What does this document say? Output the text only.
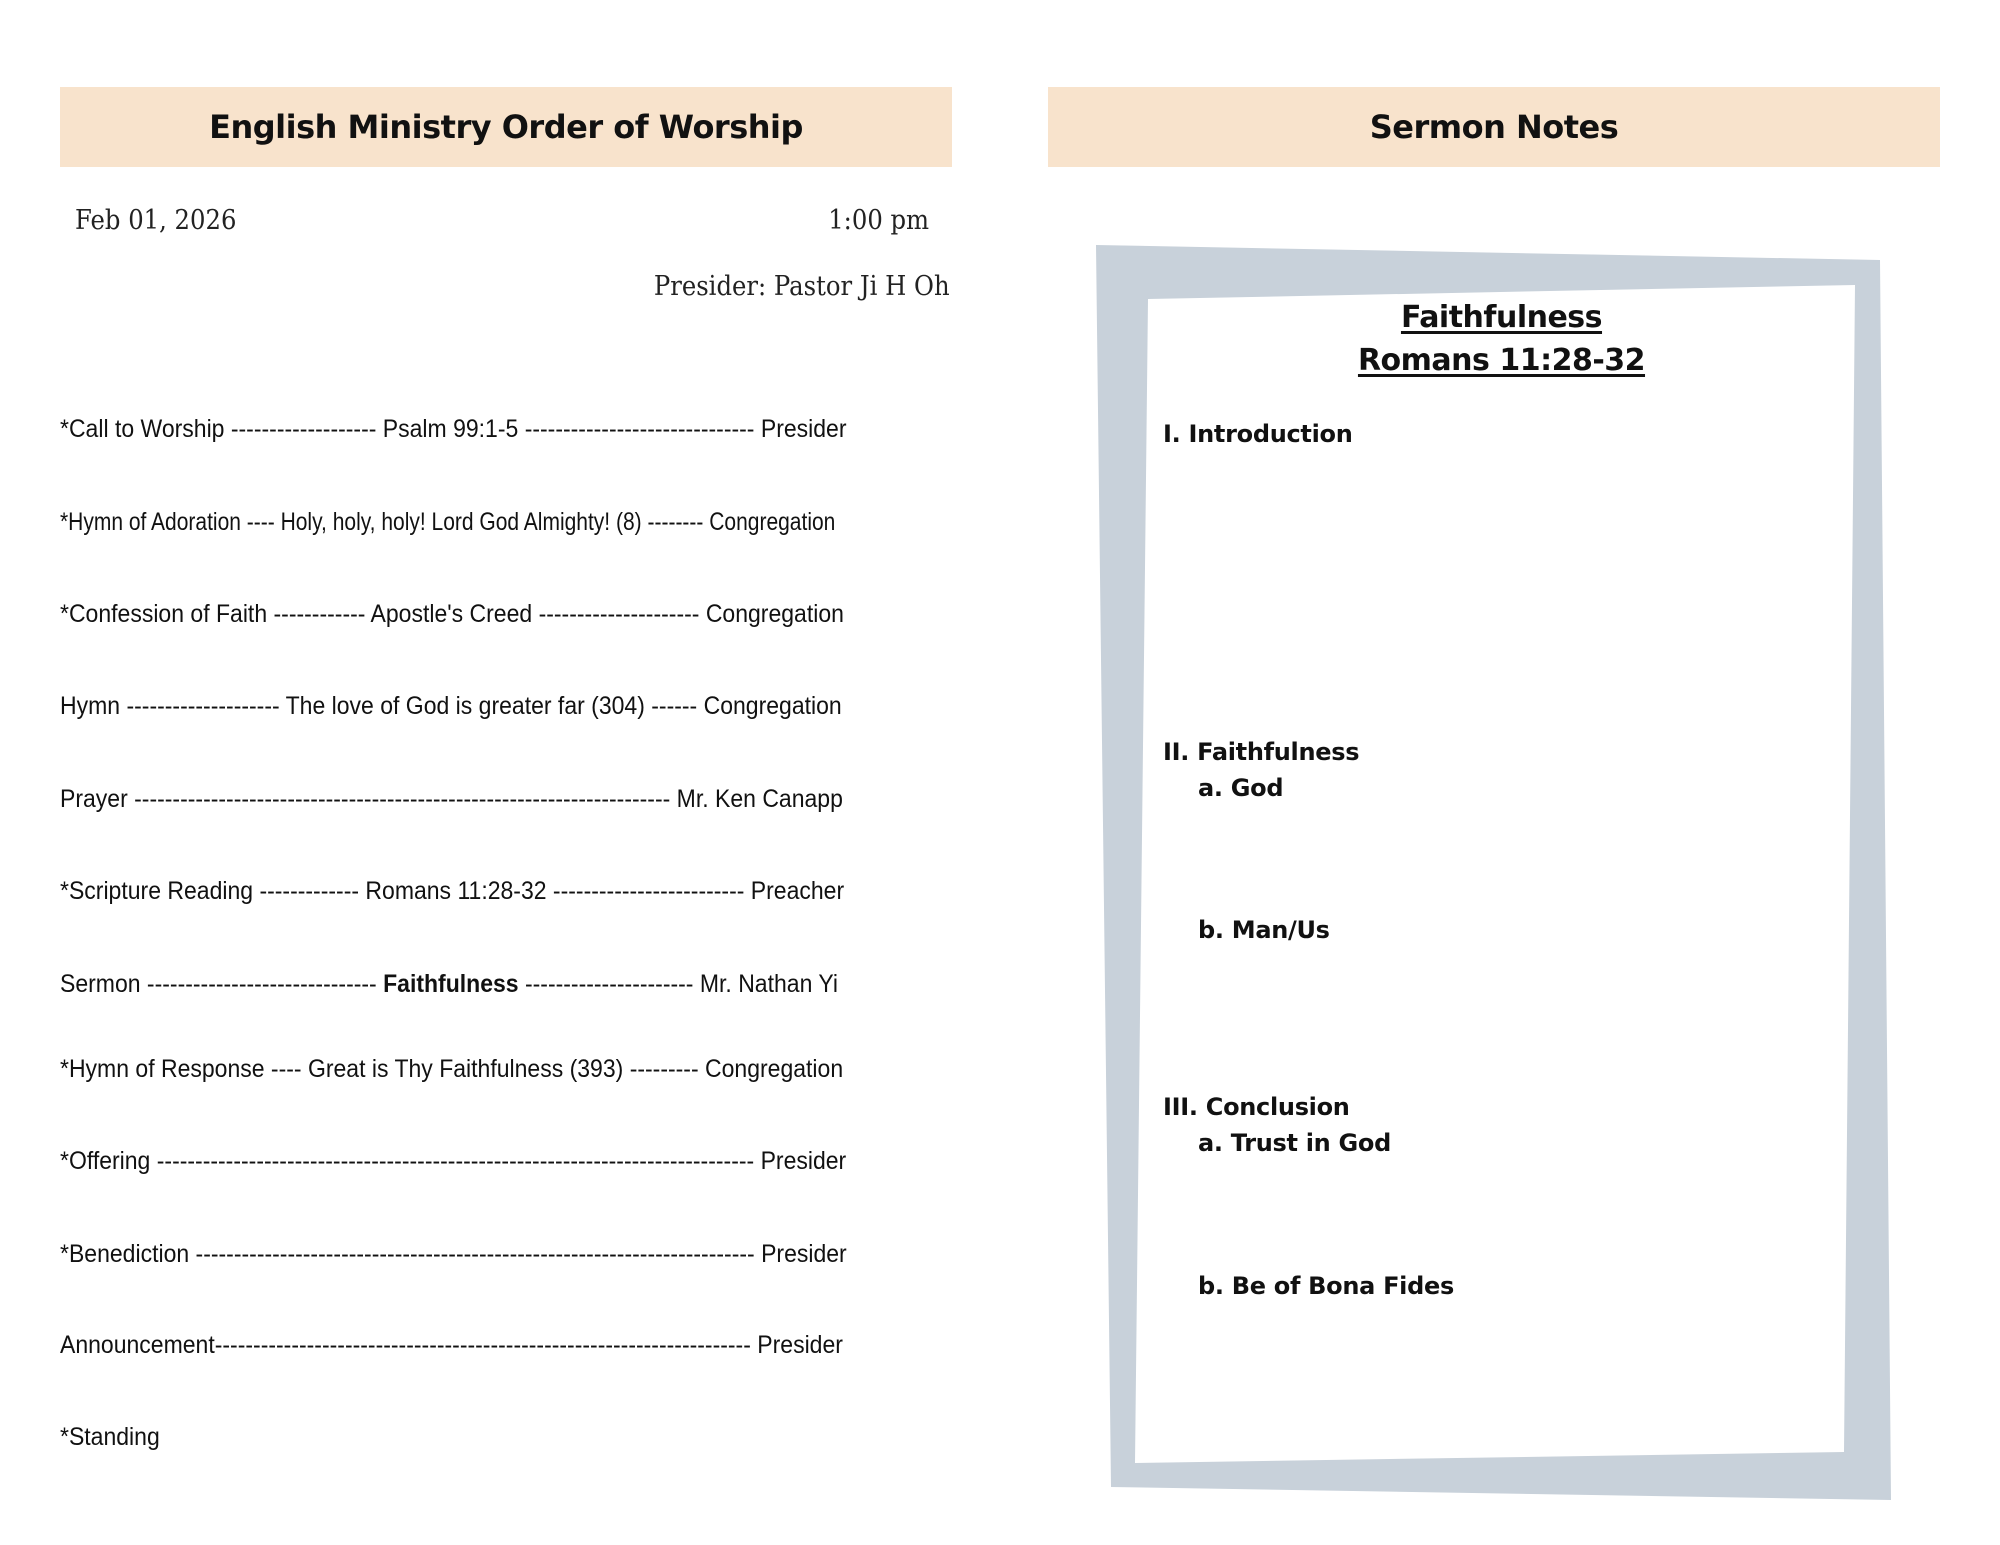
English Ministry Order of Worship
Feb 01, 2026	1:00 pm
Presider: Pastor Ji H Oh
*Call to Worship ------------------- Psalm 99:1-5 ------------------------------ Presider
*Hymn of Adoration ---- Holy, holy, holy! Lord God Almighty! (8) -------- Congregation
*Confession of Faith ------------ Apostle's Creed --------------------- Congregation
Hymn -------------------- The love of God is greater far (304) ------ Congregation
Prayer ---------------------------------------------------------------------- Mr. Ken Canapp
*Scripture Reading ------------- Romans 11:28-32 ------------------------- Preacher
Sermon ------------------------------ Faithfulness ---------------------- Mr. Nathan Yi
*Hymn of Response ---- Great is Thy Faithfulness (393) --------- Congregation
*Offering ------------------------------------------------------------------------------ Presider
*Benediction ------------------------------------------------------------------------- Presider
Announcement---------------------------------------------------------------------- Presider
*Standing
Sermon Notes
Faithfulness
Romans 11:28-32
I. Introduction
II. Faithfulness
a. God
b. Man/Us
III. Conclusion
a. Trust in God
b. Be of Bona Fides
